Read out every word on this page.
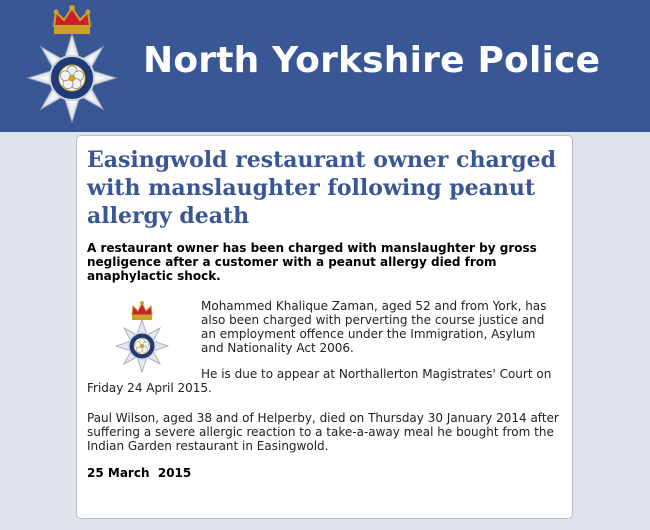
North Yorkshire Police
Easingwold restaurant owner charged with manslaughter following peanut allergy death

A restaurant owner has been charged with manslaughter by gross negligence after a customer with a peanut allergy died from anaphylactic shock.

Mohammed Khalique Zaman, aged 52 and from York, has also been charged with perverting the course justice and an employment offence under the Immigration, Asylum and Nationality Act 2006.

He is due to appear at Northallerton Magistrates' Court on Friday 24 April 2015.

Paul Wilson, aged 38 and of Helperby, died on Thursday 30 January 2014 after suffering a severe allergic reaction to a take-a-away meal he bought from the Indian Garden restaurant in Easingwold.

25 March  2015
